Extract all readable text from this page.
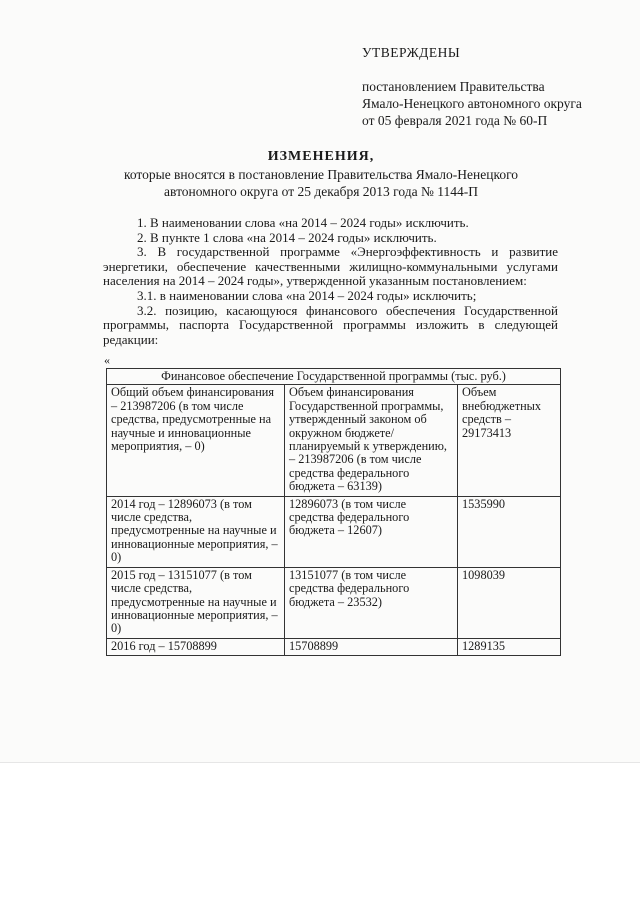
УТВЕРЖДЕНЫ
постановлением Правительства
Ямало-Ненецкого автономного округа
от 05 февраля 2021 года № 60-П
ИЗМЕНЕНИЯ,
которые вносятся в постановление Правительства Ямало-Ненецкого
автономного округа от 25 декабря 2013 года № 1144-П

1. В наименовании слова «на 2014 – 2024 годы» исключить.

2. В пункте 1 слова «на 2014 – 2024 годы» исключить.

3. В государственной программе «Энергоэффективность и развитие энергетики, обеспечение качественными жилищно-коммунальными услугами населения на 2014 – 2024 годы», утвержденной указанным постановлением:

3.1. в наименовании слова «на 2014 – 2024 годы» исключить;

3.2. позицию, касающуюся финансового обеспечения Государственной программы, паспорта Государственной программы изложить в следующей редакции:

«
Финансовое обеспечение Государственной программы (тыс. руб.)		
Общий объем финансирования – 213987206 (в том числе средства, предусмотренные на научные и инновационные мероприятия, – 0)	Объем финансирования Государственной программы, утвержденный законом об окружном бюджете/планируемый к утверждению, – 213987206 (в том числе средства федерального бюджета – 63139)	Объем внебюджетных средств – 29173413
2014 год – 12896073 (в том числе средства, предусмотренные на научные и инновационные мероприятия, – 0)	12896073 (в том числе средства федерального бюджета – 12607)	1535990
2015 год – 13151077 (в том числе средства, предусмотренные на научные и инновационные мероприятия, – 0)	13151077 (в том числе средства федерального бюджета – 23532)	1098039
2016 год – 15708899	15708899	1289135
